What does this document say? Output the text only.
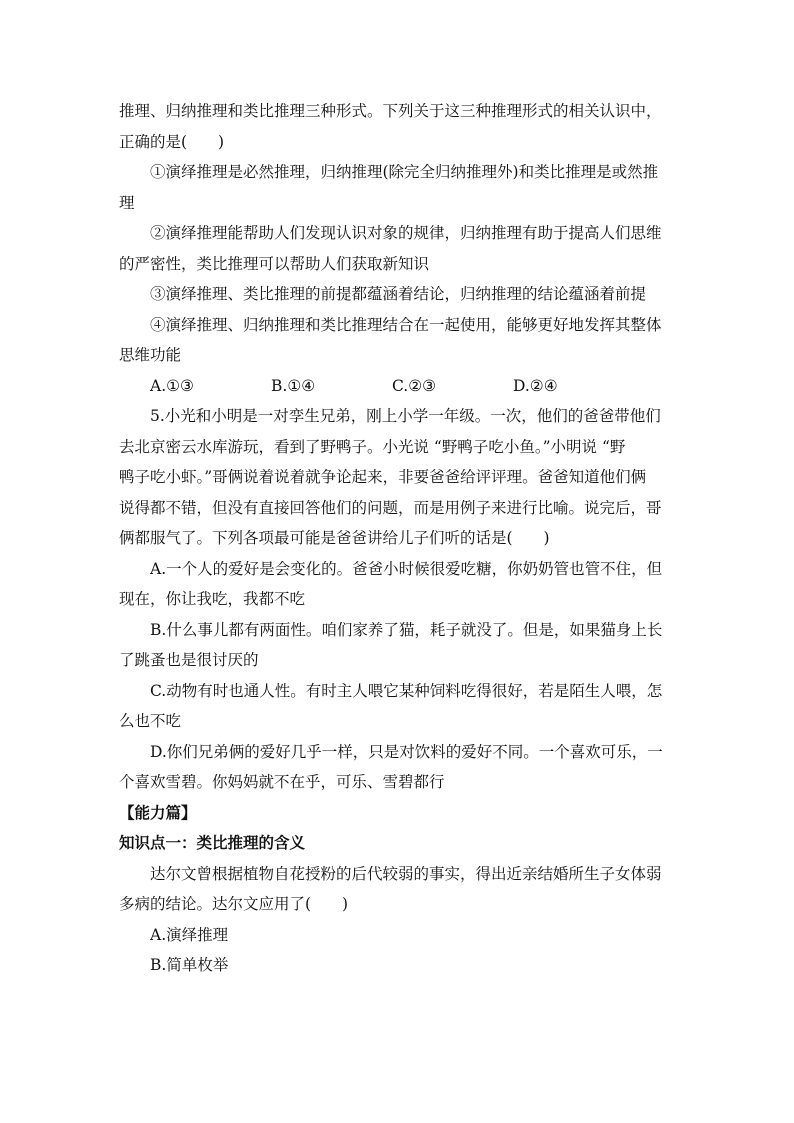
推理、归纳推理和类比推理三种形式。下列关于这三种推理形式的相关认识中，

正确的是(　　)

①演绎推理是必然推理，归纳推理(除完全归纳推理外)和类比推理是或然推

理

②演绎推理能帮助人们发现认识对象的规律，归纳推理有助于提高人们思维

的严密性，类比推理可以帮助人们获取新知识

③演绎推理、类比推理的前提都蕴涵着结论，归纳推理的结论蕴涵着前提

④演绎推理、归纳推理和类比推理结合在一起使用，能够更好地发挥其整体

思维功能

A.①③	B.①④	C.②③	D.②④

5.小光和小明是一对孪生兄弟，刚上小学一年级。一次，他们的爸爸带他们

去北京密云水库游玩，看到了野鸭子。小光说 “野鸭子吃小鱼。”小明说 “野

鸭子吃小虾。”哥俩说着说着就争论起来，非要爸爸给评评理。爸爸知道他们俩

说得都不错，但没有直接回答他们的问题，而是用例子来进行比喻。说完后，哥

俩都服气了。下列各项最可能是爸爸讲给儿子们听的话是(　　)

A.一个人的爱好是会变化的。爸爸小时候很爱吃糖，你奶奶管也管不住，但

现在，你让我吃，我都不吃

B.什么事儿都有两面性。咱们家养了猫，耗子就没了。但是，如果猫身上长

了跳蚤也是很讨厌的

C.动物有时也通人性。有时主人喂它某种饲料吃得很好，若是陌生人喂，怎

么也不吃

D.你们兄弟俩的爱好几乎一样，只是对饮料的爱好不同。一个喜欢可乐，一

个喜欢雪碧。你妈妈就不在乎，可乐、雪碧都行

【能力篇】

知识点一：类比推理的含义

达尔文曾根据植物自花授粉的后代较弱的事实，得出近亲结婚所生子女体弱

多病的结论。达尔文应用了(　　)

A.演绎推理

B.简单枚举
